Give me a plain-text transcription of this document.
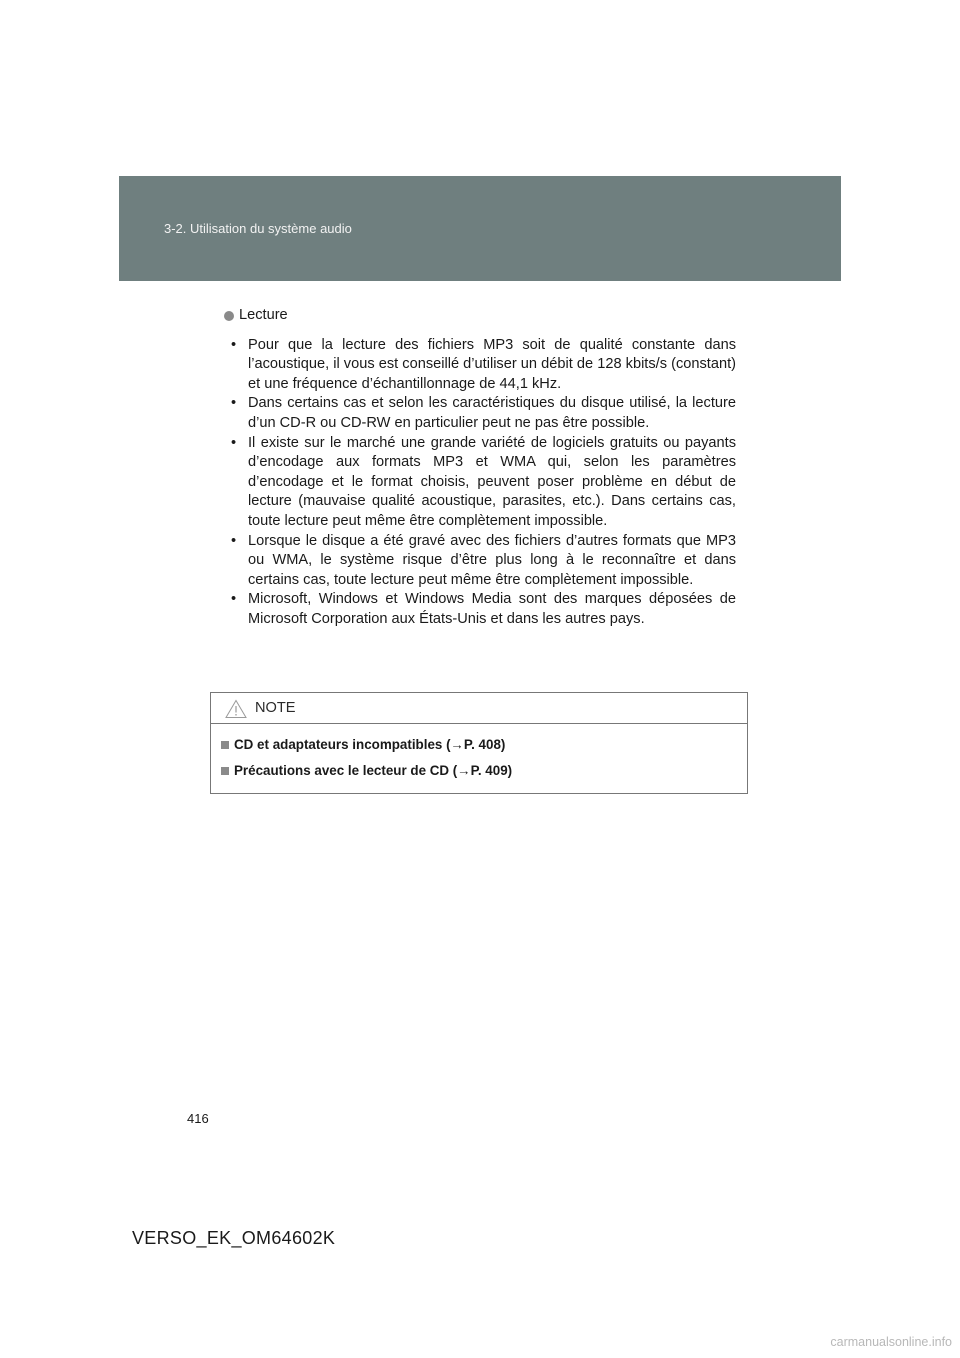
3-2. Utilisation du système audio
Lecture
• Pour que la lecture des fichiers MP3 soit de qualité constante dans l’acoustique, il vous est conseillé d’utiliser un débit de 128 kbits/s (constant) et une fréquence d’échantillonnage de 44,1 kHz.
• Dans certains cas et selon les caractéristiques du disque utilisé, la lecture d’un CD-R ou CD-RW en particulier peut ne pas être possible.
• Il existe sur le marché une grande variété de logiciels gratuits ou payants d’encodage aux formats MP3 et WMA qui, selon les paramètres d’encodage et le format choisis, peuvent poser problème en début de lecture (mauvaise qualité acoustique, parasites, etc.). Dans certains cas, toute lecture peut même être complètement impossible.
• Lorsque le disque a été gravé avec des fichiers d’autres formats que MP3 ou WMA, le système risque d’être plus long à le reconnaître et dans certains cas, toute lecture peut même être complètement impossible.
• Microsoft, Windows et Windows Media sont des marques déposées de Microsoft Corporation aux États-Unis et dans les autres pays.
NOTE
CD et adaptateurs incompatibles (→P. 408)
Précautions avec le lecteur de CD (→P. 409)
416
VERSO_EK_OM64602K
carmanualsonline.info
